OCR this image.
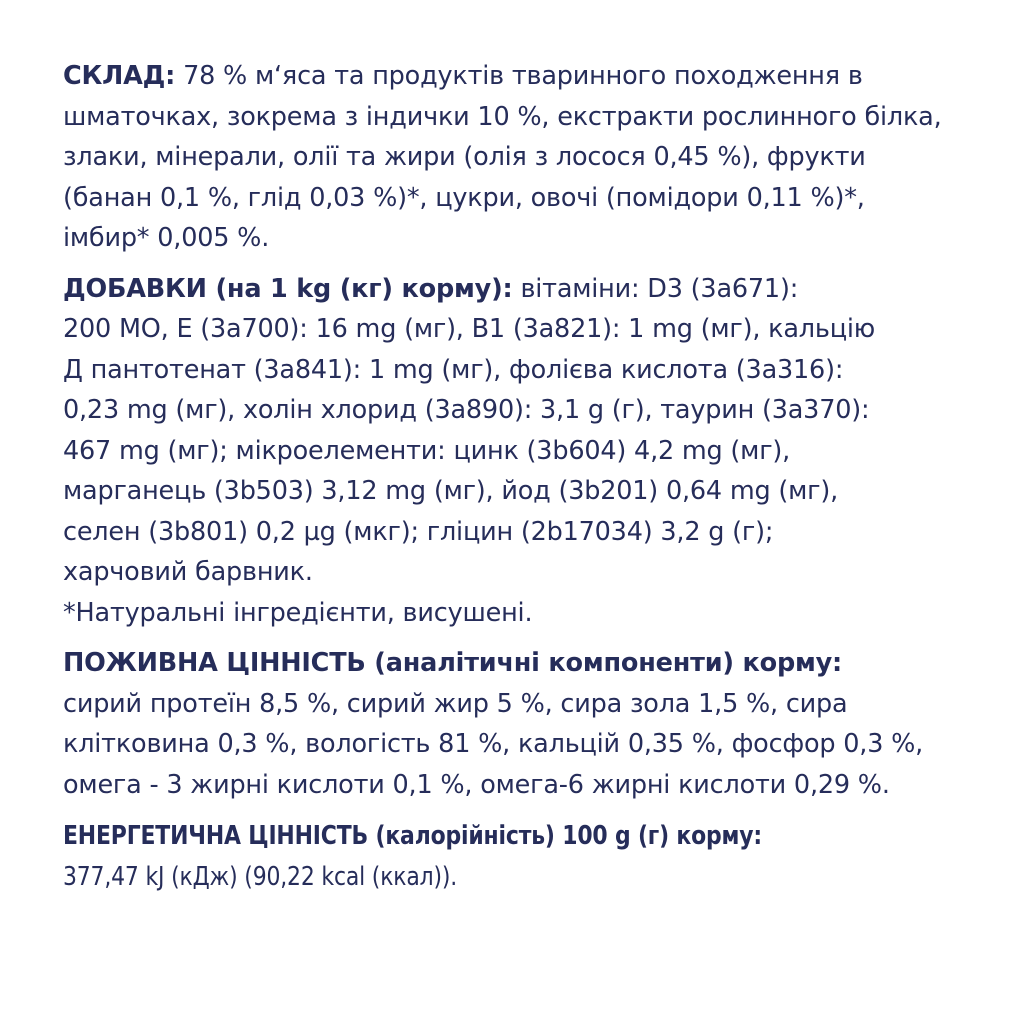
СКЛАД: 78 % м‘яса та продуктів тваринного походження в
шматочках, зокрема з індички 10 %, екстракти рослинного білка,
злаки, мінерали, олії та жири (олія з лосося 0,45 %), фрукти
(банан 0,1 %, глід 0,03 %)*, цукри, овочі (помідори 0,11 %)*,
імбир* 0,005 %.
ДОБАВКИ (на 1 kg (кг) корму): вітаміни: D3 (3a671):
200 МО, E (3a700): 16 mg (мг), B1 (3a821): 1 mg (мг), кальцію
Д пантотенат (3a841): 1 mg (мг), фолієва кислота (3a316):
0,23 mg (мг), холін хлорид (3a890): 3,1 g (г), таурин (3a370):
467 mg (мг); мікроелементи: цинк (3b604) 4,2 mg (мг),
марганець (3b503) 3,12 mg (мг), йод (3b201) 0,64 mg (мг),
селен (3b801) 0,2 µg (мкг); гліцин (2b17034) 3,2 g (г);
харчовий барвник.
*Натуральні інгредієнти, висушені.
ПОЖИВНА ЦІННІСТЬ (аналітичні компоненти) корму:
сирий протеїн 8,5 %, сирий жир 5 %, сира зола 1,5 %, сира
клітковина 0,3 %, вологість 81 %, кальцій 0,35 %, фосфор 0,3 %,
омега - 3 жирні кислоти 0,1 %, омега-6 жирні кислоти 0,29 %.
ЕНЕРГЕТИЧНА ЦІННІСТЬ (калорійність) 100 g (г) корму:
377,47 kJ (кДж) (90,22 kcal (ккал)).
